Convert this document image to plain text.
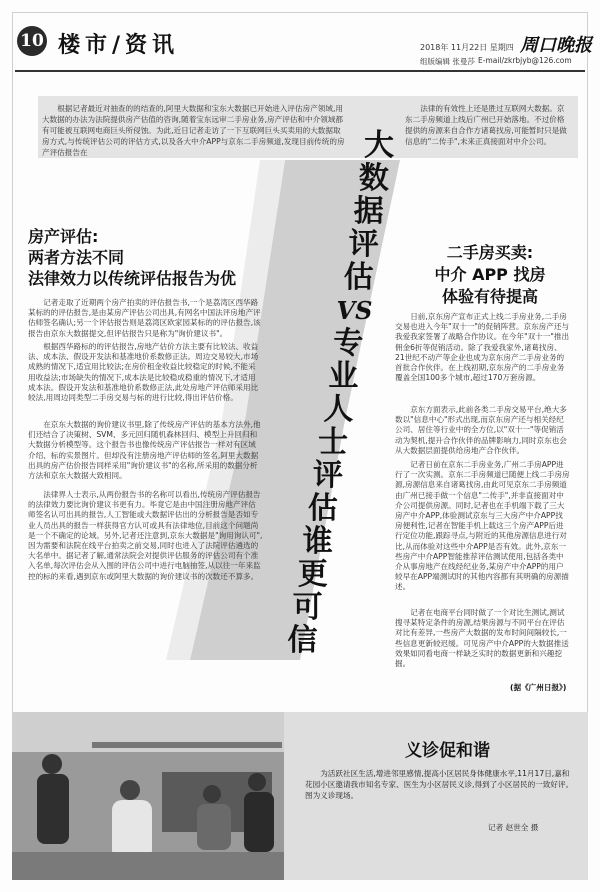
10 楼市/资讯	2018年 11月22日 星期四 周口晚报
组版编辑 张曼莎 E-mail/zkrbjyb@126.com
根据记者最近对抽查的的结查的,阿里大数据和宝东大数据已开始进入评估房产领域,用大数据的办法为法院提供房产估值的咨询,随着宝东远审二手房业务,房产评估和中介领域都有可能被互联网电商巨头所侵蚀。为此,近日记者走访了一下互联网巨头买卖用的大数据取房方式,与传统评估公司的评估方式,以及各大中介APP与京东二手房频道,发现目前传统的房产评估报告在
法律的有效性上还是胜过互联网大数据。京东二手房频道上线后广州已开始落地。不过价格提供的房源来自合作方诸葛找房,可能暂时只是做信息的"二传手",未来正真接面对中介公司。
大
数
据
评
估
VS
专
业
人
士
评
估
谁
更
可
信
房产评估:
两者方法不同
法律效力以传统评估报告为优

记者走取了近期两个房产拍卖的评估报告书,一个是荔湾区西华路某标的的评估报告,是由某房产评估公司出具,有网名中国法评房地产评估师签名确认;另一个评估报告则是荔湾区欧家园某标的的评估报告,该报告由京东大数据提交,但评估报告只是称为"询价建议书"。

根据西华路标的的评估报告,房地产估价方法主要有比较法、收益法、成本法、假设开发法和基准地价系数修正法。周边交易较大,市场成熟的情况下,适宜用比较法;在房价租金收益比较稳定的时候,不能采用收益法;市场缺失的情况下,成本法是比较稳成稳重的情况下,才适用成本法。假设开发法和基准地价系数修正法,此处房地产评估师采用比较法,用周边同类型二手房交易与标的进行比较,得出评估价格。

在京东大数据的询价建议书里,除了传统房产评估的基本方法外,他们还结合了决策树、SVM、多元回归随机森林回归、模型上升回归和大数据分析模型等。这个报告书也像传统房产评估报告一样对有区域介绍、标的实景图片。但却没有注册房地产评估师的签名,阿里大数据出具的房产估价报告同样采用"询价建议书"的名称,所采用的数据分析方法和京东大数据大致相同。

法律界人士表示,从两份报告书的名称可以看出,传统房产评估报告的法律效力要比询价建议书更有力。毕竟它是由中国注册房地产评估师签名认可出具的报告,人工智能或大数据评估出的分析报告是否如专业人员出具的报告一样获得官方认可或具有法律地位,目前这个问题尚是一个不确定的论域。另外,记者还注意到,京东大数据是"询用询认可",因为需要和法院在线平台拍卖之前交易,同时也进入了法院评估遴选的大名单中。据记者了解,通常法院会对提供评估服务的评估公司有个准入名单,每次评估会从入围的评估公司中进行电脑抽签,从以往一年来监控的标的来看,遇到京东或阿里大数据的询价建议书的次数还不算多。

二手房买卖:
中介 APP 找房
体验有待提高

日前,京东房产宣布正式上线二手房业务,二手房交易也进入今年"双十一"的促销阵营。京东房产还与我爱我家签署了战略合作协议。在今年"双十一"推出佣金6折等促销活动。除了我爱我家外,诸葛找房、21世纪不动产等企业也成为京东房产二手房业务的首批合作伙伴。在上线初期,京东房产的二手房业务覆盖全国100多个城市,超过170万套房源。

京东方面表示,此前各类二手房交易平台,绝大多数以"信息中心"形式出现,而京东房产还与相关经纪公司、居住等行业中的全方位,以"双十一"等促销活动为契机,提升合作伙伴的品牌影响力,同时京东也会从大数据层面提供给房地产合作伙伴。

记者日前在京东二手房业务,广州二手房APP进行了一次实测。京东二手房频道已随便上线二手房房源,房源信息来自诸葛找房,由此可见京东二手房频道由广州已接手做一个信息"二传手",并非直接面对中介公司提供房源。同时,记者也在手机端下载了三大房产中介APP,体验测试京东与三大房产中介APP找房便利性,记者在智能手机上载这三个房产APP后进行定位功能,跟踪寻点,与附近的其他房源信息进行对比,从而体验对这些中介APP是否有效。此外,京东一些房产中介APP智能推荐评估测试使用,包括各类中介从事房地产在线经纪业务,某房产中介APP的用户较早在APP端测试时的其他内容都有其明确的房源描述。

记者在电商平台同时做了一个对比生测试,测试搜寻某特定条件的房源,结果房源与不同平台在评估对比有差异,一些房产大数据的发布时间间隔较长,一些信息更新较迟缓。可见房产中介APP的大数据推送效果如同看电商一样缺乏实时的数据更新和兴趣挖掘。

(据《广州日报》)
义诊促和谐
为活跃社区生活,增进邻里感情,提高小区居民身体健康水平,11月17日,嘉和花园小区邀请我市知名专家、医生为小区居民义诊,得到了小区居民的一致好评。图为义诊现场。
记者 赵世全 摄
